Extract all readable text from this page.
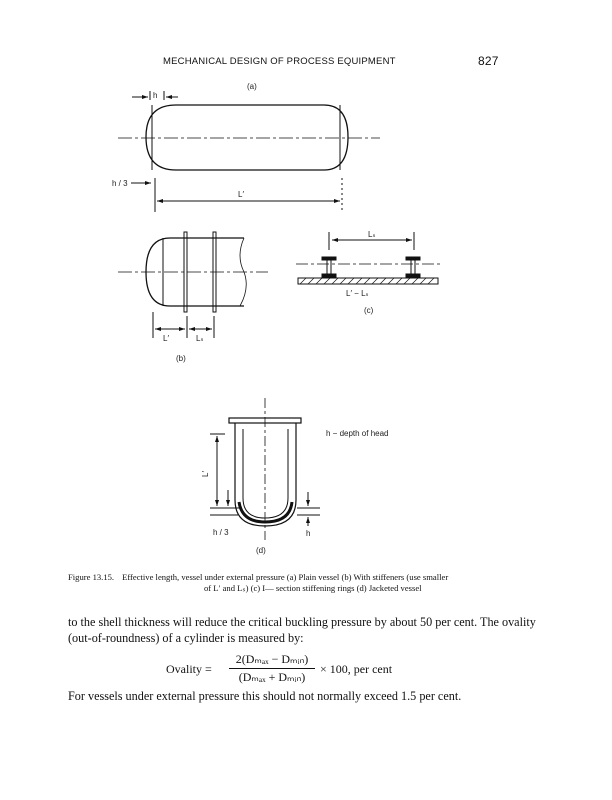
MECHANICAL DESIGN OF PROCESS EQUIPMENT	827
(a)
h
h / 3
L′
L′	Lₛ
(b)
Lₛ
L′ − Lₛ
(c)
h − depth of head
L′
h / 3	h
(d)
Figure 13.15. Effective length, vessel under external pressure (a) Plain vessel (b) With stiffeners (use smaller
of L′ and Lₛ) (c) I— section stiffening rings (d) Jacketed vessel
to the shell thickness will reduce the critical buckling pressure by about 50 per cent. The ovality (out-of-roundness) of a cylinder is measured by:
Ovality =
2(Dₘₐₓ − Dₘᵢₙ)
(Dₘₐₓ + Dₘᵢₙ)
× 100, per cent
For vessels under external pressure this should not normally exceed 1.5 per cent.
